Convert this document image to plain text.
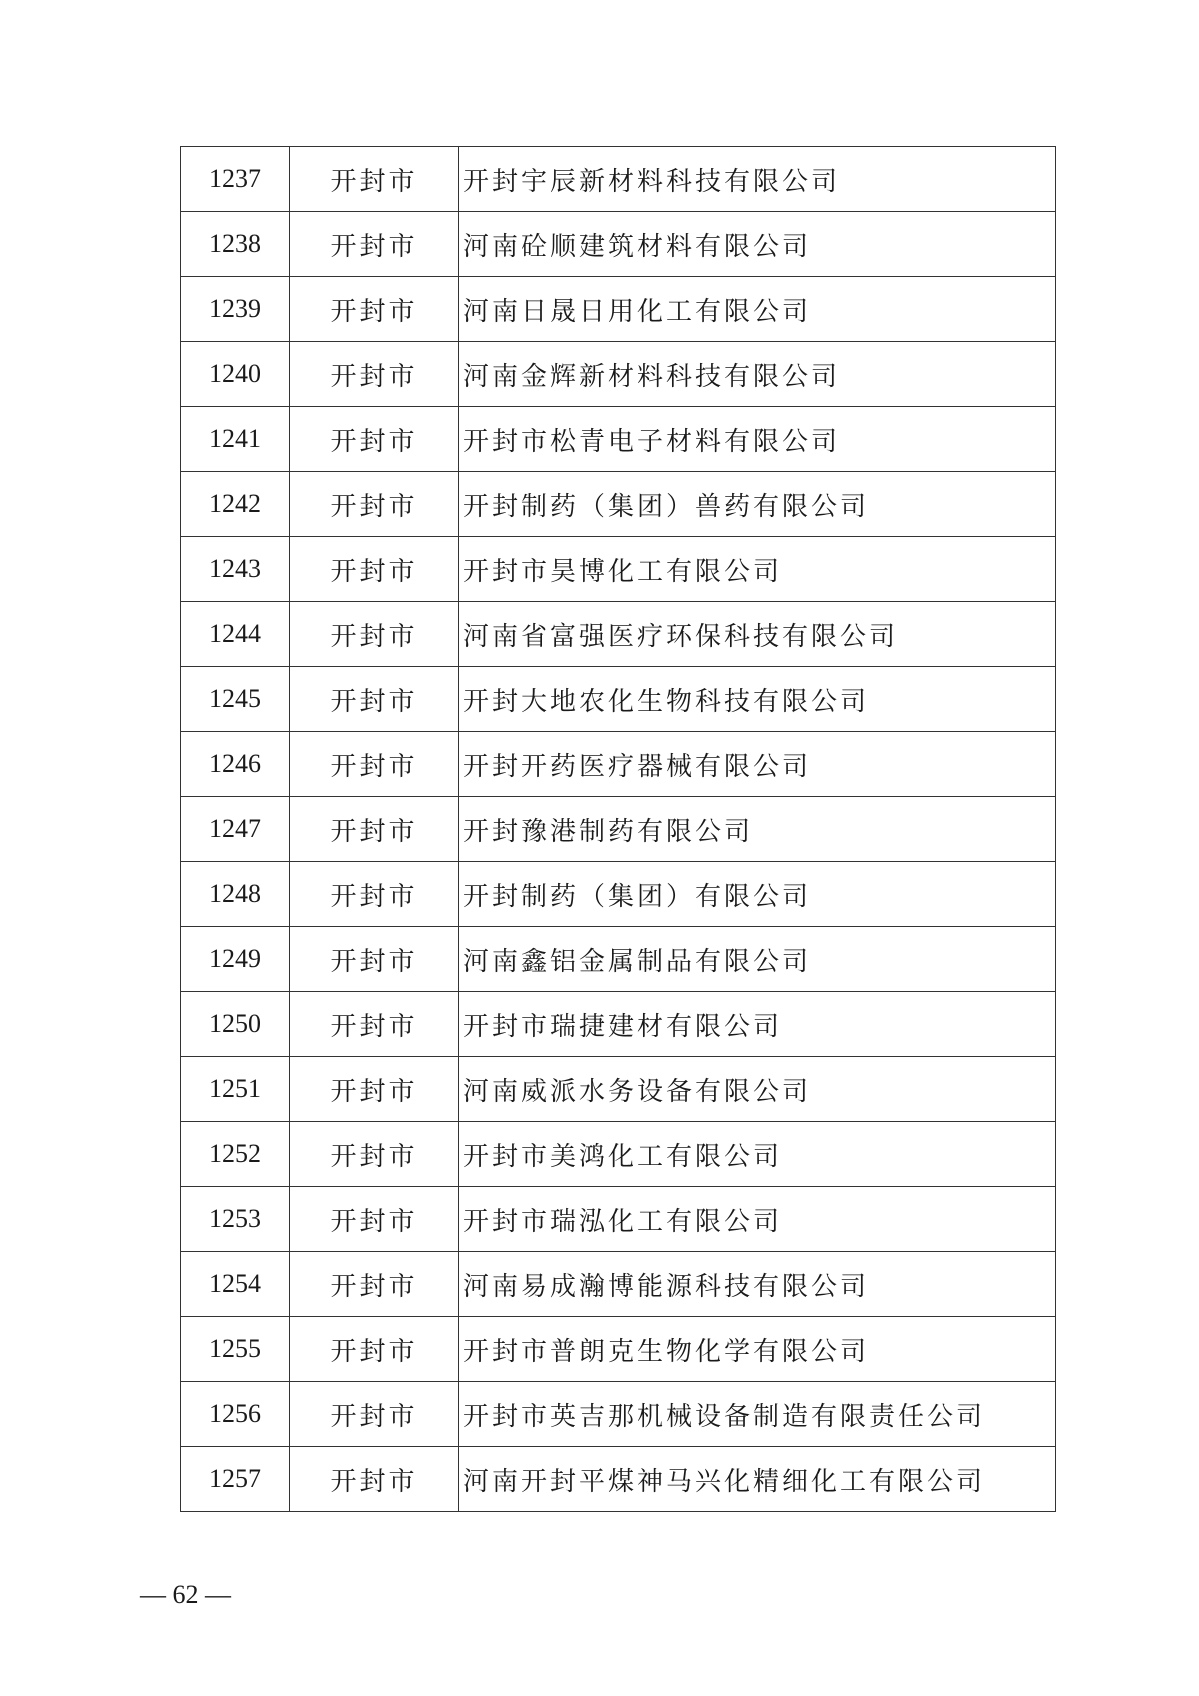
1237	开封市	开封宇辰新材料科技有限公司
1238	开封市	河南砼顺建筑材料有限公司
1239	开封市	河南日晟日用化工有限公司
1240	开封市	河南金辉新材料科技有限公司
1241	开封市	开封市松青电子材料有限公司
1242	开封市	开封制药（集团）兽药有限公司
1243	开封市	开封市昊博化工有限公司
1244	开封市	河南省富强医疗环保科技有限公司
1245	开封市	开封大地农化生物科技有限公司
1246	开封市	开封开药医疗器械有限公司
1247	开封市	开封豫港制药有限公司
1248	开封市	开封制药（集团）有限公司
1249	开封市	河南鑫铝金属制品有限公司
1250	开封市	开封市瑞捷建材有限公司
1251	开封市	河南威派水务设备有限公司
1252	开封市	开封市美鸿化工有限公司
1253	开封市	开封市瑞泓化工有限公司
1254	开封市	河南易成瀚博能源科技有限公司
1255	开封市	开封市普朗克生物化学有限公司
1256	开封市	开封市英吉那机械设备制造有限责任公司
1257	开封市	河南开封平煤神马兴化精细化工有限公司
— 62 —
